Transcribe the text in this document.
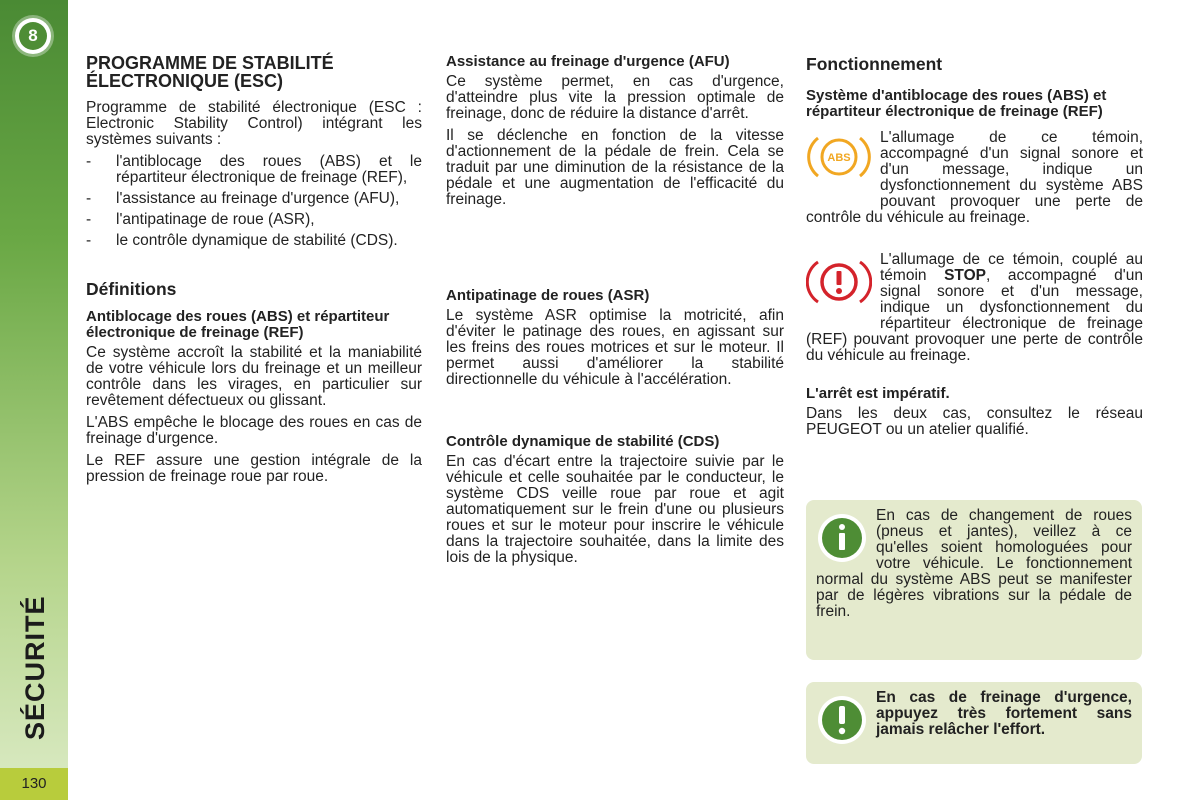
8
SÉCURITÉ
130
PROGRAMME DE STABILITÉ ÉLECTRONIQUE (ESC)

Programme de stabilité électronique (ESC : Electronic Stability Control) intégrant les systèmes suivants :

- l'antiblocage des roues (ABS) et le répartiteur électronique de freinage (REF),
- l'assistance au freinage d'urgence (AFU),
- l'antipatinage de roue (ASR),
- le contrôle dynamique de stabilité (CDS).
Définitions
Antiblocage des roues (ABS) et répartiteur électronique de freinage (REF)

Ce système accroît la stabilité et la maniabilité de votre véhicule lors du freinage et un meilleur contrôle dans les virages, en particulier sur revêtement défectueux ou glissant.

L'ABS empêche le blocage des roues en cas de freinage d'urgence.

Le REF assure une gestion intégrale de la pression de freinage roue par roue.

Assistance au freinage d'urgence (AFU)

Ce système permet, en cas d'urgence, d'atteindre plus vite la pression optimale de freinage, donc de réduire la distance d'arrêt.

Il se déclenche en fonction de la vitesse d'actionnement de la pédale de frein. Cela se traduit par une diminution de la résistance de la pédale et une augmentation de l'efficacité du freinage.

Antipatinage de roues (ASR)

Le système ASR optimise la motricité, afin d'éviter le patinage des roues, en agissant sur les freins des roues motrices et sur le moteur. Il permet aussi d'améliorer la stabilité directionnelle du véhicule à l'accélération.

Contrôle dynamique de stabilité (CDS)

En cas d'écart entre la trajectoire suivie par le véhicule et celle souhaitée par le conducteur, le système CDS veille roue par roue et agit automatiquement sur le frein d'une ou plusieurs roues et sur le moteur pour inscrire le véhicule dans la trajectoire souhaitée, dans la limite des lois de la physique.

Fonctionnement
Système d'antiblocage des roues (ABS) et répartiteur électronique de freinage (REF)
ABS

L'allumage de ce témoin, accompagné d'un signal sonore et d'un message, indique un dysfonctionnement du système ABS pouvant provoquer une perte de contrôle du véhicule au freinage.

L'allumage de ce témoin, couplé au témoin STOP, accompagné d'un signal sonore et d'un message, indique un dysfonctionnement du répartiteur électronique de freinage (REF) pouvant provoquer une perte de contrôle du véhicule au freinage.

L'arrêt est impératif.

Dans les deux cas, consultez le réseau PEUGEOT ou un atelier qualifié.

En cas de changement de roues (pneus et jantes), veillez à ce qu'elles soient homologuées pour votre véhicule. Le fonctionnement normal du système ABS peut se manifester par de légères vibrations sur la pédale de frein.

En cas de freinage d'urgence, appuyez très fortement sans jamais relâcher l'effort.
